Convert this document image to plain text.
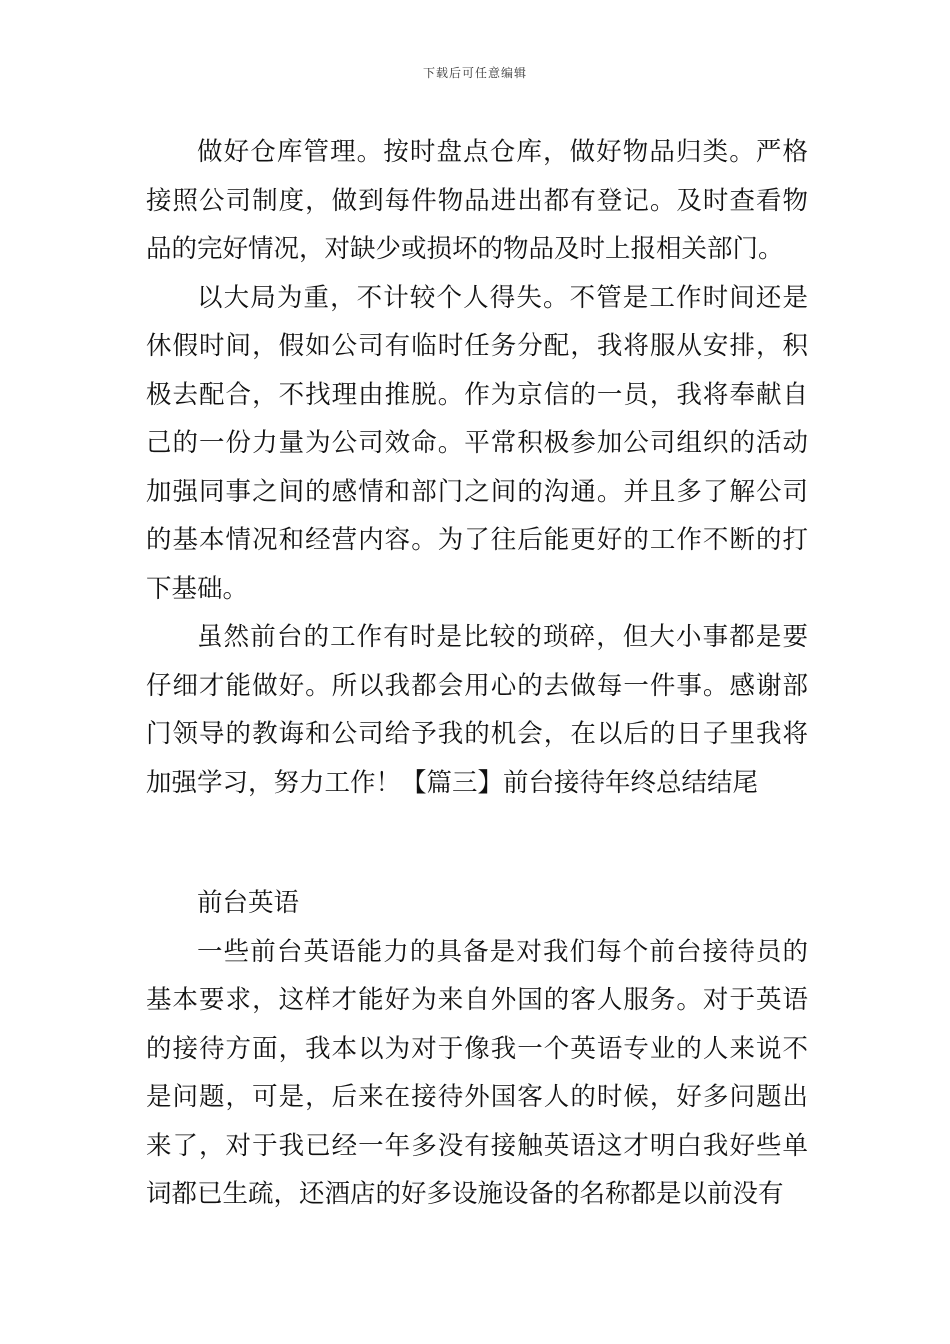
下载后可任意编辑

做好仓库管理。按时盘点仓库，做好物品归类。严格接照公司制度，做到每件物品进出都有登记。及时查看物品的完好情况，对缺少或损坏的物品及时上报相关部门。

以大局为重，不计较个人得失。不管是工作时间还是休假时间，假如公司有临时任务分配，我将服从安排，积极去配合，不找理由推脱。作为京信的一员，我将奉献自己的一份力量为公司效命。平常积极参加公司组织的活动加强同事之间的感情和部门之间的沟通。并且多了解公司的基本情况和经营内容。为了往后能更好的工作不断的打下基础。

虽然前台的工作有时是比较的琐碎，但大小事都是要仔细才能做好。所以我都会用心的去做每一件事。感谢部门领导的教诲和公司给予我的机会，在以后的日子里我将加强学习，努力工作！【篇三】前台接待年终总结结尾

前台英语

一些前台英语能力的具备是对我们每个前台接待员的基本要求，这样才能好为来自外国的客人服务。对于英语的接待方面，我本以为对于像我一个英语专业的人来说不是问题，可是，后来在接待外国客人的时候，好多问题出来了，对于我已经一年多没有接触英语这才明白我好些单词都已生疏，还酒店的好多设施设备的名称都是以前没有
